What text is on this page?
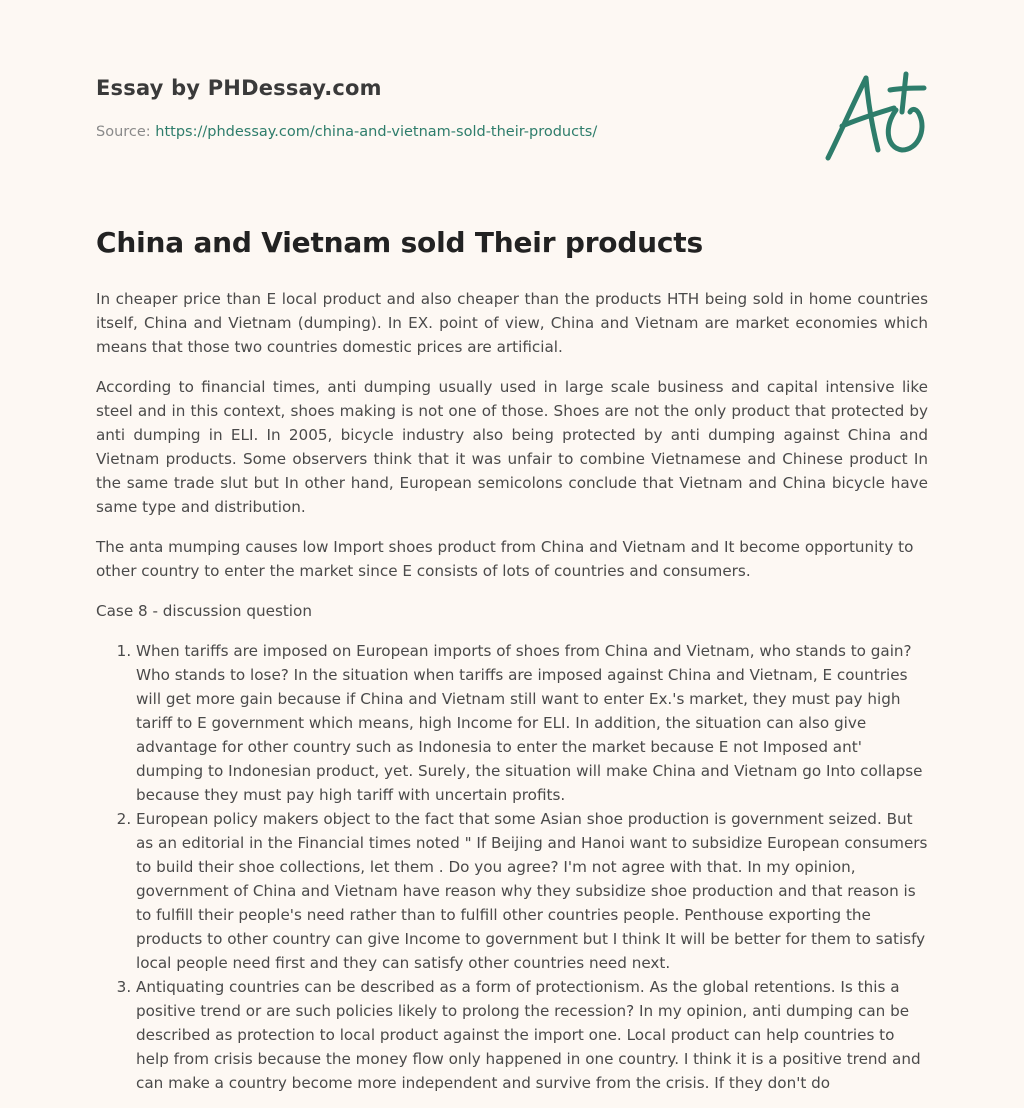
Essay by PHDessay.com

Source: https://phdessay.com/china-and-vietnam-sold-their-products/

China and Vietnam sold Their products

In cheaper price than E local product and also cheaper than the products HTH being sold in home countries itself, China and Vietnam (dumping). In EX. point of view, China and Vietnam are market economies which means that those two countries domestic prices are artificial.

According to financial times, anti dumping usually used in large scale business and capital intensive like steel and in this context, shoes making is not one of those. Shoes are not the only product that protected by anti dumping in ELI. In 2005, bicycle industry also being protected by anti dumping against China and Vietnam products. Some observers think that it was unfair to combine Vietnamese and Chinese product In the same trade slut but In other hand, European semicolons conclude that Vietnam and China bicycle have same type and distribution.

The anta mumping causes low Import shoes product from China and Vietnam and It become opportunity to other country to enter the market since E consists of lots of countries and consumers.

Case 8 - discussion question

1. When tariffs are imposed on European imports of shoes from China and Vietnam, who stands to gain? Who stands to lose? In the situation when tariffs are imposed against China and Vietnam, E countries will get more gain because if China and Vietnam still want to enter Ex.'s market, they must pay high tariff to E government which means, high Income for ELI. In addition, the situation can also give advantage for other country such as Indonesia to enter the market because E not Imposed ant' dumping to Indonesian product, yet. Surely, the situation will make China and Vietnam go Into collapse because they must pay high tariff with uncertain profits.
2. European policy makers object to the fact that some Asian shoe production is government seized. But as an editorial in the Financial times noted " If Beijing and Hanoi want to subsidize European consumers to build their shoe collections, let them . Do you agree? I'm not agree with that. In my opinion, government of China and Vietnam have reason why they subsidize shoe production and that reason is to fulfill their people's need rather than to fulfill other countries people. Penthouse exporting the products to other country can give Income to government but I think It will be better for them to satisfy local people need first and they can satisfy other countries need next.
3. Antiquating countries can be described as a form of protectionism. As the global retentions. Is this a positive trend or are such policies likely to prolong the recession? In my opinion, anti dumping can be described as protection to local product against the import one. Local product can help countries to help from crisis because the money flow only happened in one country. I think it is a positive trend and can make a country become more independent and survive from the crisis. If they don't do
